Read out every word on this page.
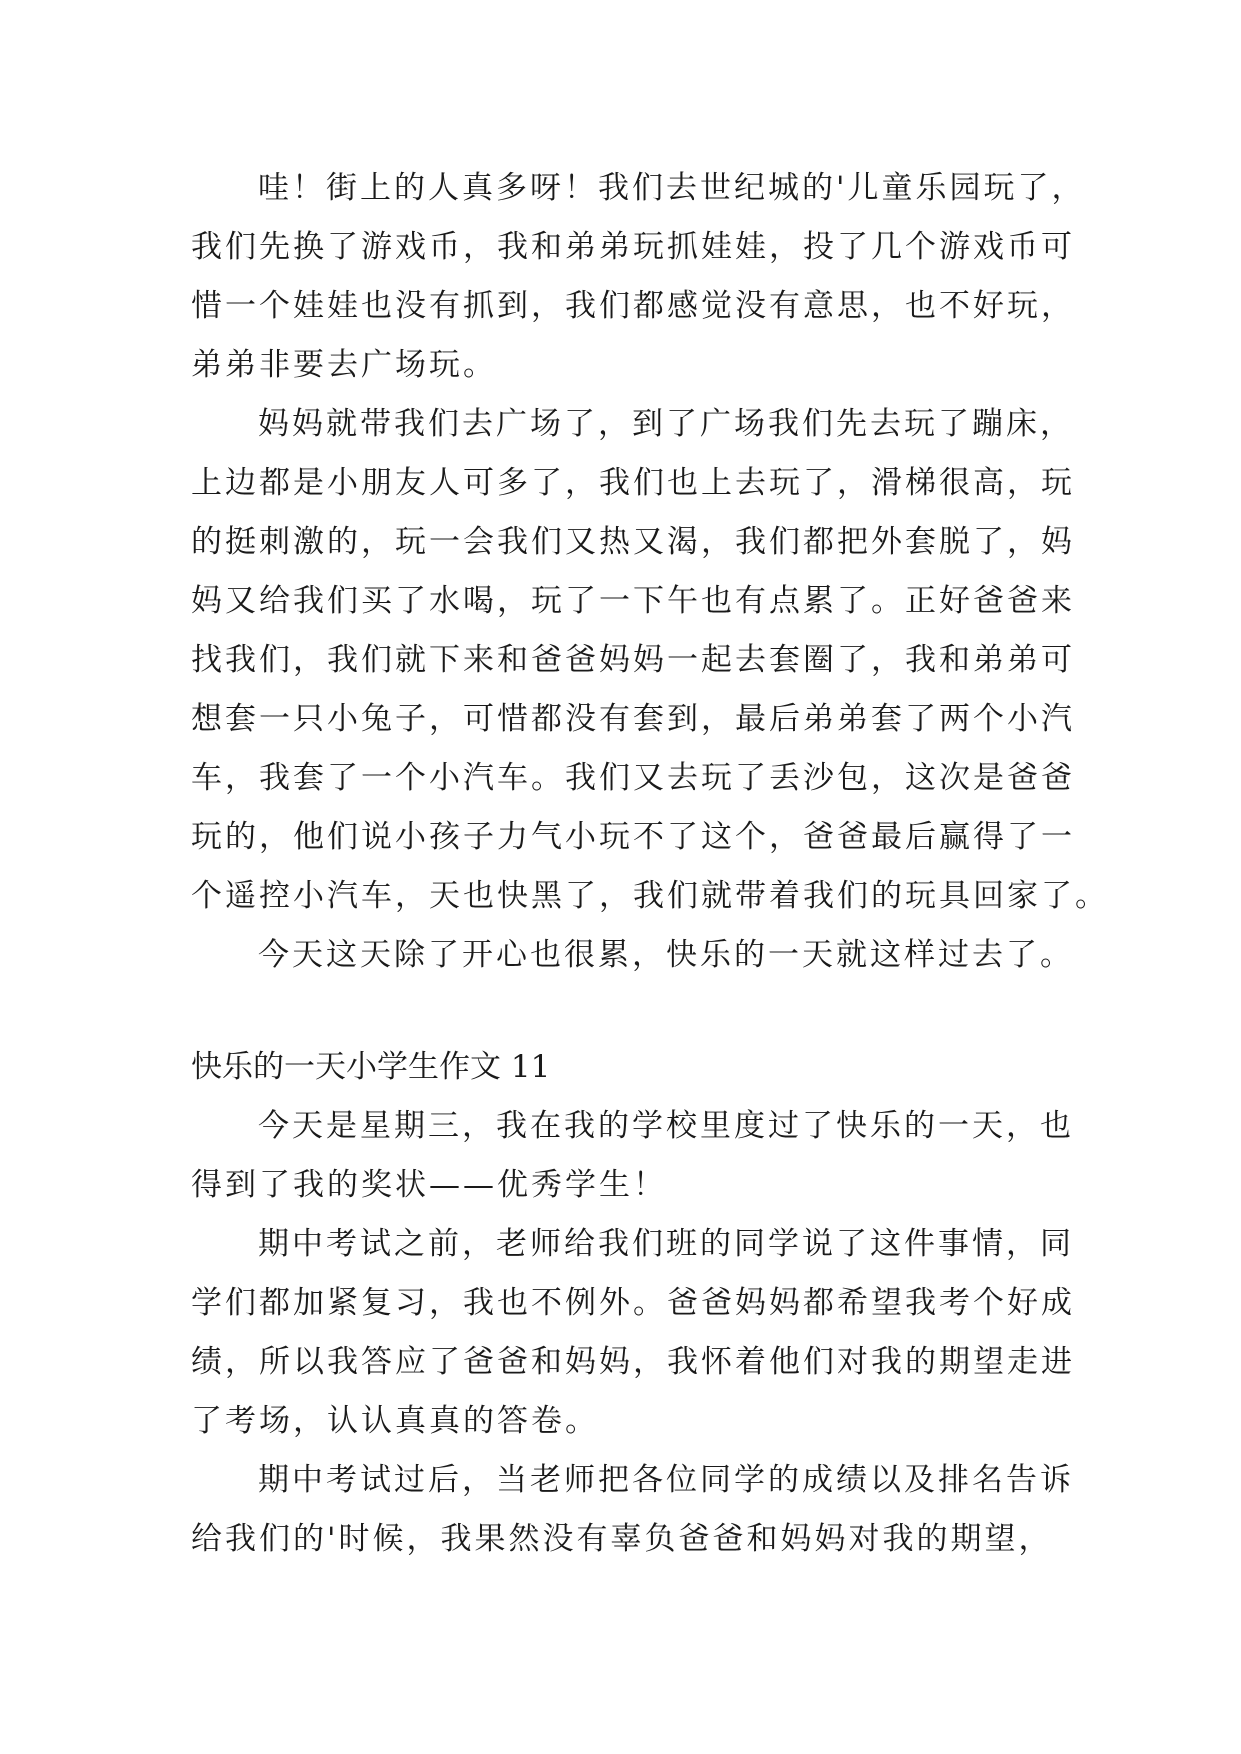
哇！街上的人真多呀！我们去世纪城的'儿童乐园玩了，

我们先换了游戏币，我和弟弟玩抓娃娃，投了几个游戏币可

惜一个娃娃也没有抓到，我们都感觉没有意思，也不好玩，

弟弟非要去广场玩。

妈妈就带我们去广场了，到了广场我们先去玩了蹦床，

上边都是小朋友人可多了，我们也上去玩了，滑梯很高，玩

的挺刺激的，玩一会我们又热又渴，我们都把外套脱了，妈

妈又给我们买了水喝，玩了一下午也有点累了。正好爸爸来

找我们，我们就下来和爸爸妈妈一起去套圈了，我和弟弟可

想套一只小兔子，可惜都没有套到，最后弟弟套了两个小汽

车，我套了一个小汽车。我们又去玩了丢沙包，这次是爸爸

玩的，他们说小孩子力气小玩不了这个，爸爸最后赢得了一

个遥控小汽车，天也快黑了，我们就带着我们的玩具回家了。

今天这天除了开心也很累，快乐的一天就这样过去了。

快乐的一天小学生作文 11

今天是星期三，我在我的学校里度过了快乐的一天，也

得到了我的奖状——优秀学生！

期中考试之前，老师给我们班的同学说了这件事情，同

学们都加紧复习，我也不例外。爸爸妈妈都希望我考个好成

绩，所以我答应了爸爸和妈妈，我怀着他们对我的期望走进

了考场，认认真真的答卷。

期中考试过后，当老师把各位同学的成绩以及排名告诉

给我们的'时候，我果然没有辜负爸爸和妈妈对我的期望，
